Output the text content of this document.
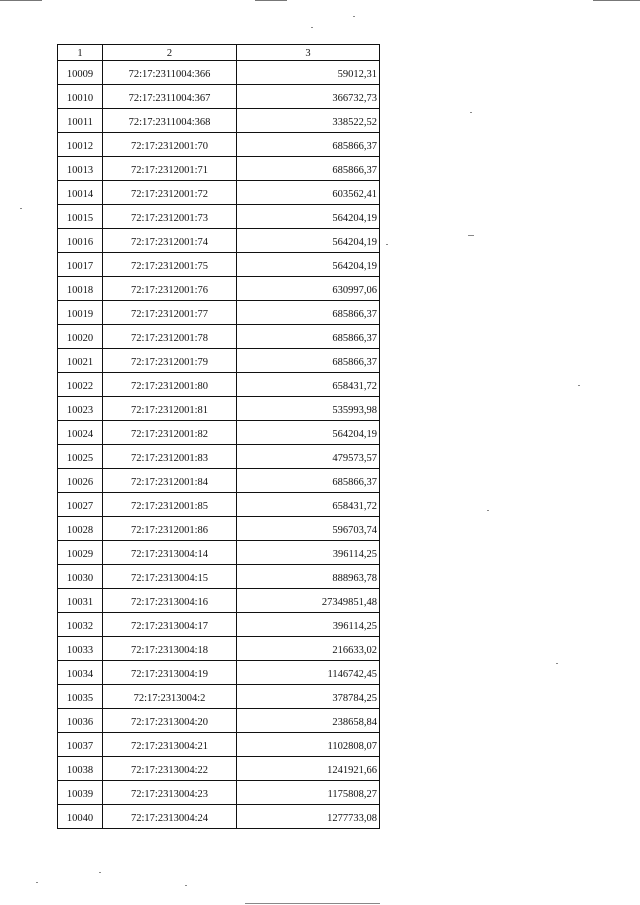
1	2	3
10009	72:17:2311004:366	59012,31
10010	72:17:2311004:367	366732,73
10011	72:17:2311004:368	338522,52
10012	72:17:2312001:70	685866,37
10013	72:17:2312001:71	685866,37
10014	72:17:2312001:72	603562,41
10015	72:17:2312001:73	564204,19
10016	72:17:2312001:74	564204,19
10017	72:17:2312001:75	564204,19
10018	72:17:2312001:76	630997,06
10019	72:17:2312001:77	685866,37
10020	72:17:2312001:78	685866,37
10021	72:17:2312001:79	685866,37
10022	72:17:2312001:80	658431,72
10023	72:17:2312001:81	535993,98
10024	72:17:2312001:82	564204,19
10025	72:17:2312001:83	479573,57
10026	72:17:2312001:84	685866,37
10027	72:17:2312001:85	658431,72
10028	72:17:2312001:86	596703,74
10029	72:17:2313004:14	396114,25
10030	72:17:2313004:15	888963,78
10031	72:17:2313004:16	27349851,48
10032	72:17:2313004:17	396114,25
10033	72:17:2313004:18	216633,02
10034	72:17:2313004:19	1146742,45
10035	72:17:2313004:2	378784,25
10036	72:17:2313004:20	238658,84
10037	72:17:2313004:21	1102808,07
10038	72:17:2313004:22	1241921,66
10039	72:17:2313004:23	1175808,27
10040	72:17:2313004:24	1277733,08
